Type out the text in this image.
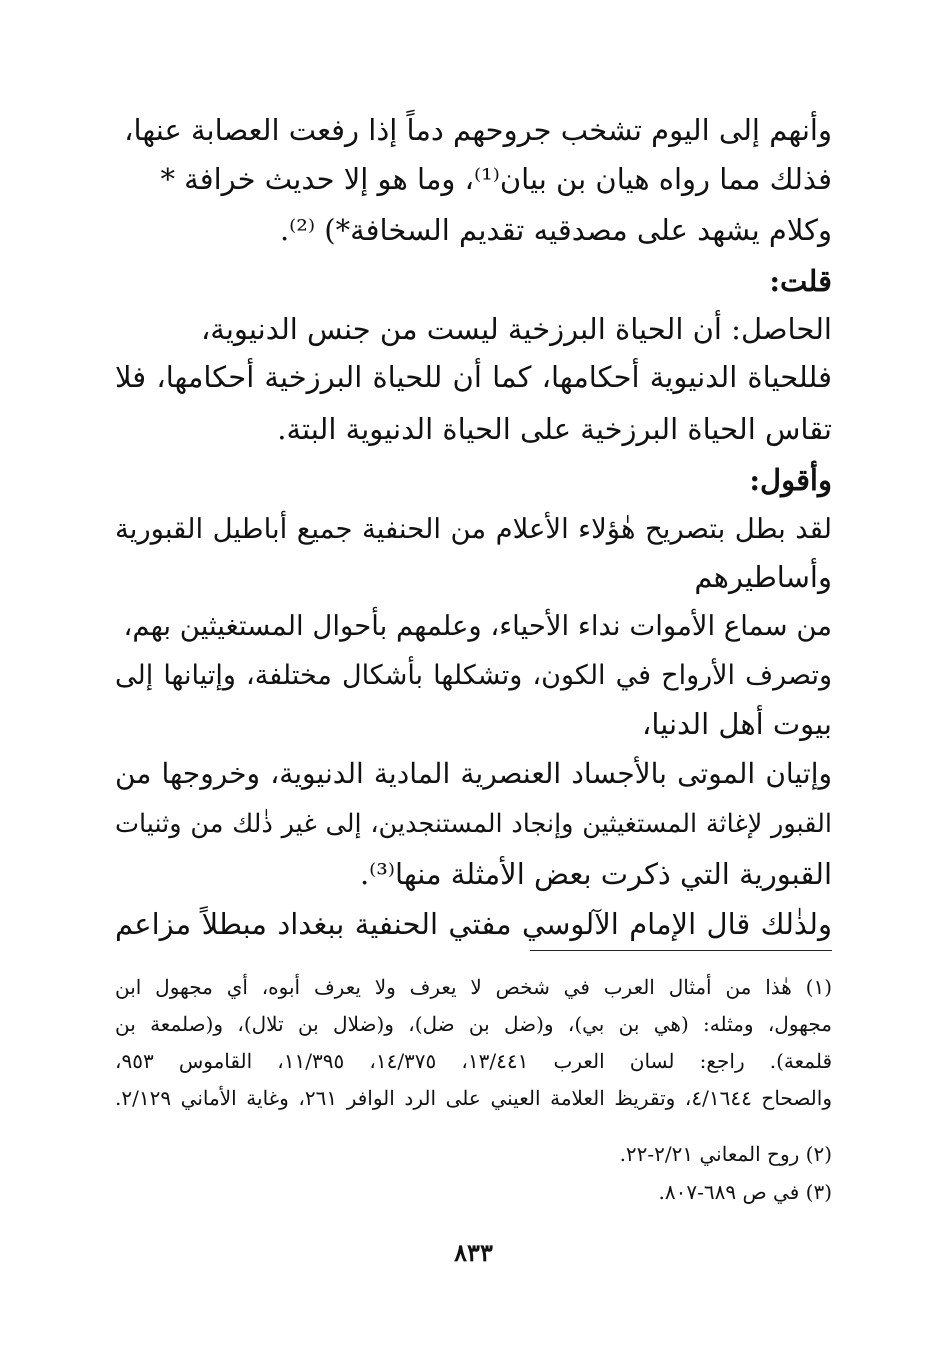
وأنهم إلى اليوم تشخب جروحهم دماً إذا رفعت العصابة عنها،
فذلك مما رواه هيان بن بيان⁽¹⁾، وما هو إلا حديث خرافة *
وكلام يشهد على مصدقيه تقديم السخافة*) ⁽²⁾.
قلت:
الحاصل: أن الحياة البرزخية ليست من جنس الدنيوية،
فللحياة الدنيوية أحكامها، كما أن للحياة البرزخية أحكامها، فلا
تقاس الحياة البرزخية على الحياة الدنيوية البتة.
وأقول:
لقد بطل بتصريح هٰؤلاء الأعلام من الحنفية جميع أباطيل القبورية
وأساطيرهم
من سماع الأموات نداء الأحياء، وعلمهم بأحوال المستغيثين بهم،
وتصرف الأرواح في الكون، وتشكلها بأشكال مختلفة، وإتيانها إلى
بيوت أهل الدنيا،
وإتيان الموتى بالأجساد العنصرية المادية الدنيوية، وخروجها من
القبور لإغاثة المستغيثين وإنجاد المستنجدين، إلى غير ذٰلك من وثنيات
القبورية التي ذكرت بعض الأمثلة منها⁽³⁾.
ولذٰلك قال الإمام الآلوسي مفتي الحنفية ببغداد مبطلاً مزاعم
(١) هٰذا من أمثال العرب في شخص لا يعرف ولا يعرف أبوه، أي مجهول ابن
مجهول، ومثله: (هي بن بي)، و(ضل بن ضل)، و(ضلال بن تلال)، و(صلمعة بن
قلمعة). راجع: لسان العرب ١٣/٤٤١، ١٤/٣٧٥، ١١/٣٩٥، القاموس ٩٥٣،
والصحاح ٤/١٦٤٤، وتقريظ العلامة العيني على الرد الوافر ٢٦١، وغاية الأماني ٢/١٢٩.
(٢) روح المعاني ٢/٢١-٢٢.
(٣) في ص ٦٨٩-٨٠٧.
٨٣٣
